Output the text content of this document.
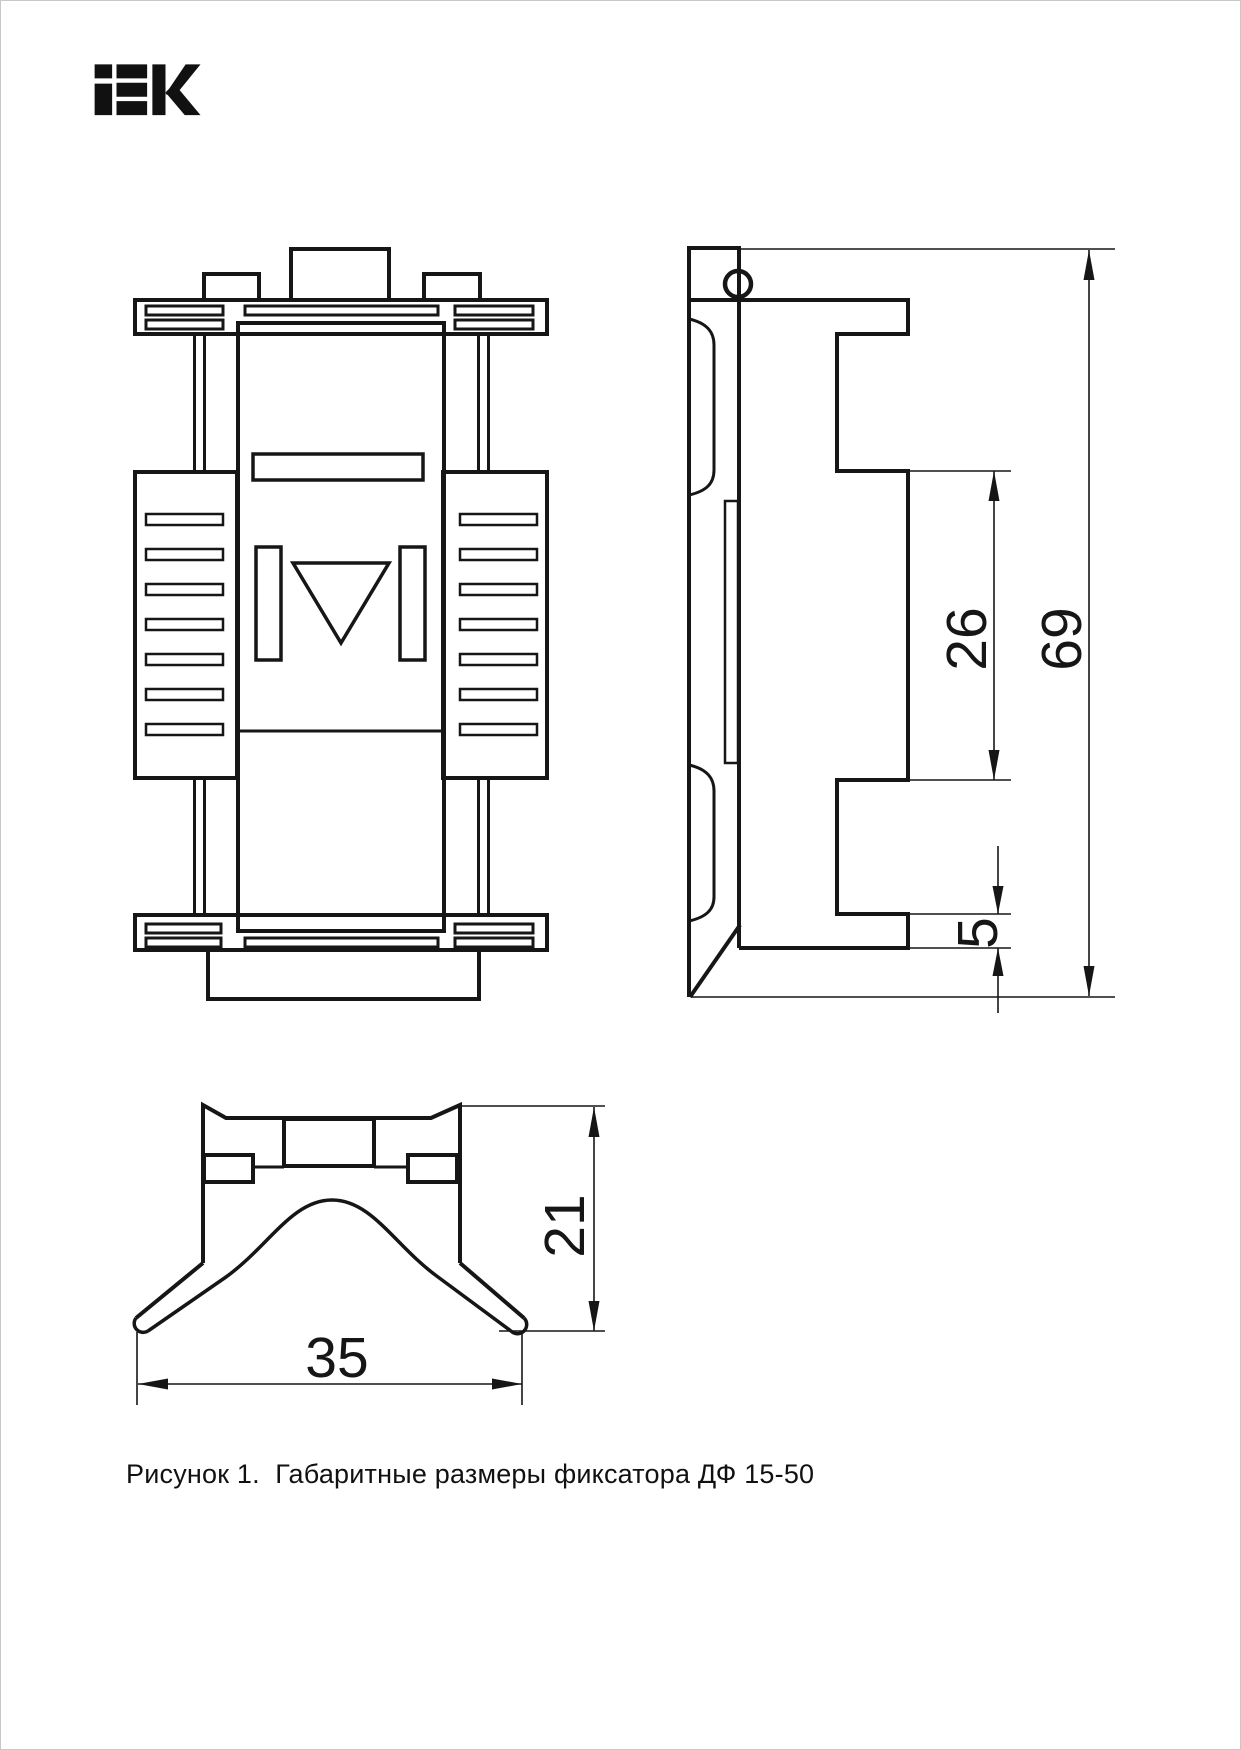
26 69
5
21
35
Рисунок 1.  Габаритные размеры фиксатора ДФ 15-50
